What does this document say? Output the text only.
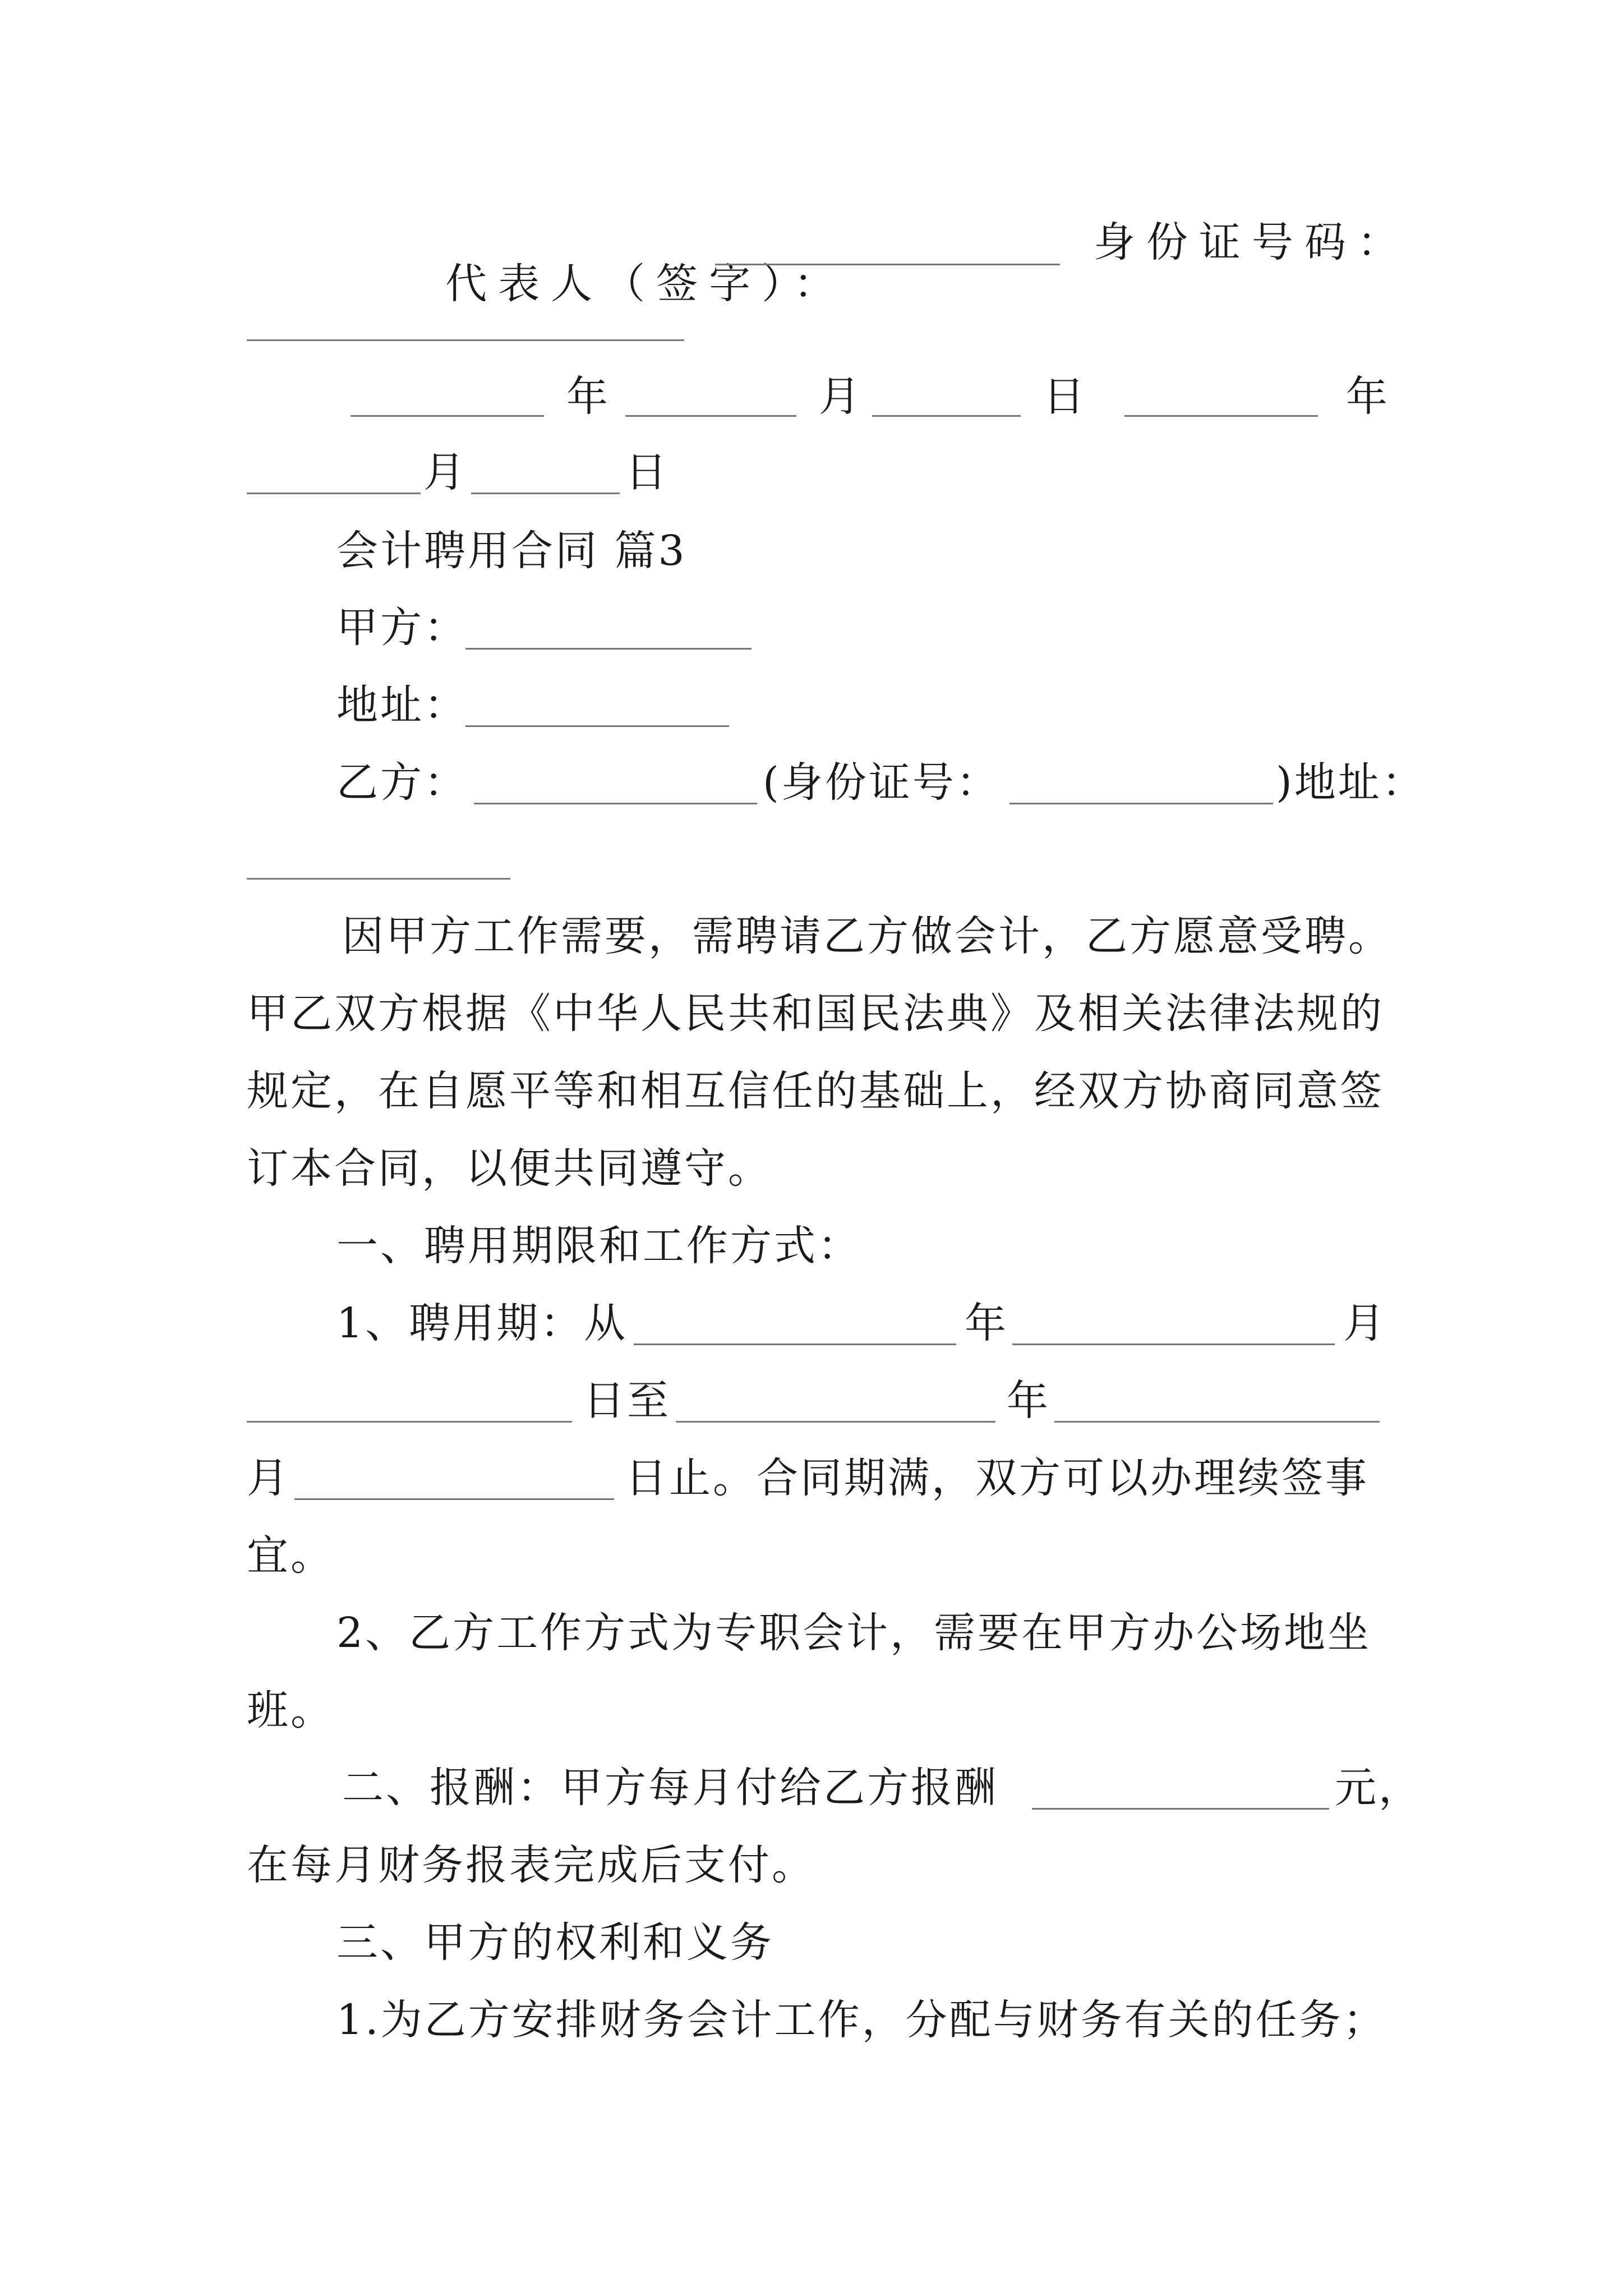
代表人（签字）：

身份证号码：
年	月	日	年
月	日
会计聘用合同 篇3
甲方：
地址：
乙方：	(身份证号：	)地址：
因甲方工作需要，需聘请乙方做会计，乙方愿意受聘。
甲乙双方根据《中华人民共和国民法典》及相关法律法规的
规定，在自愿平等和相互信任的基础上，经双方协商同意签
订本合同，以便共同遵守。
一、聘用期限和工作方式：
1、聘用期：从	年	月
日至	年
月	日止。合同期满，双方可以办理续签事
宜。
2、乙方工作方式为专职会计，需要在甲方办公场地坐
班。
二、报酬：甲方每月付给乙方报酬	元，
在每月财务报表完成后支付。
三、甲方的权利和义务
1.为乙方安排财务会计工作，分配与财务有关的任务；
